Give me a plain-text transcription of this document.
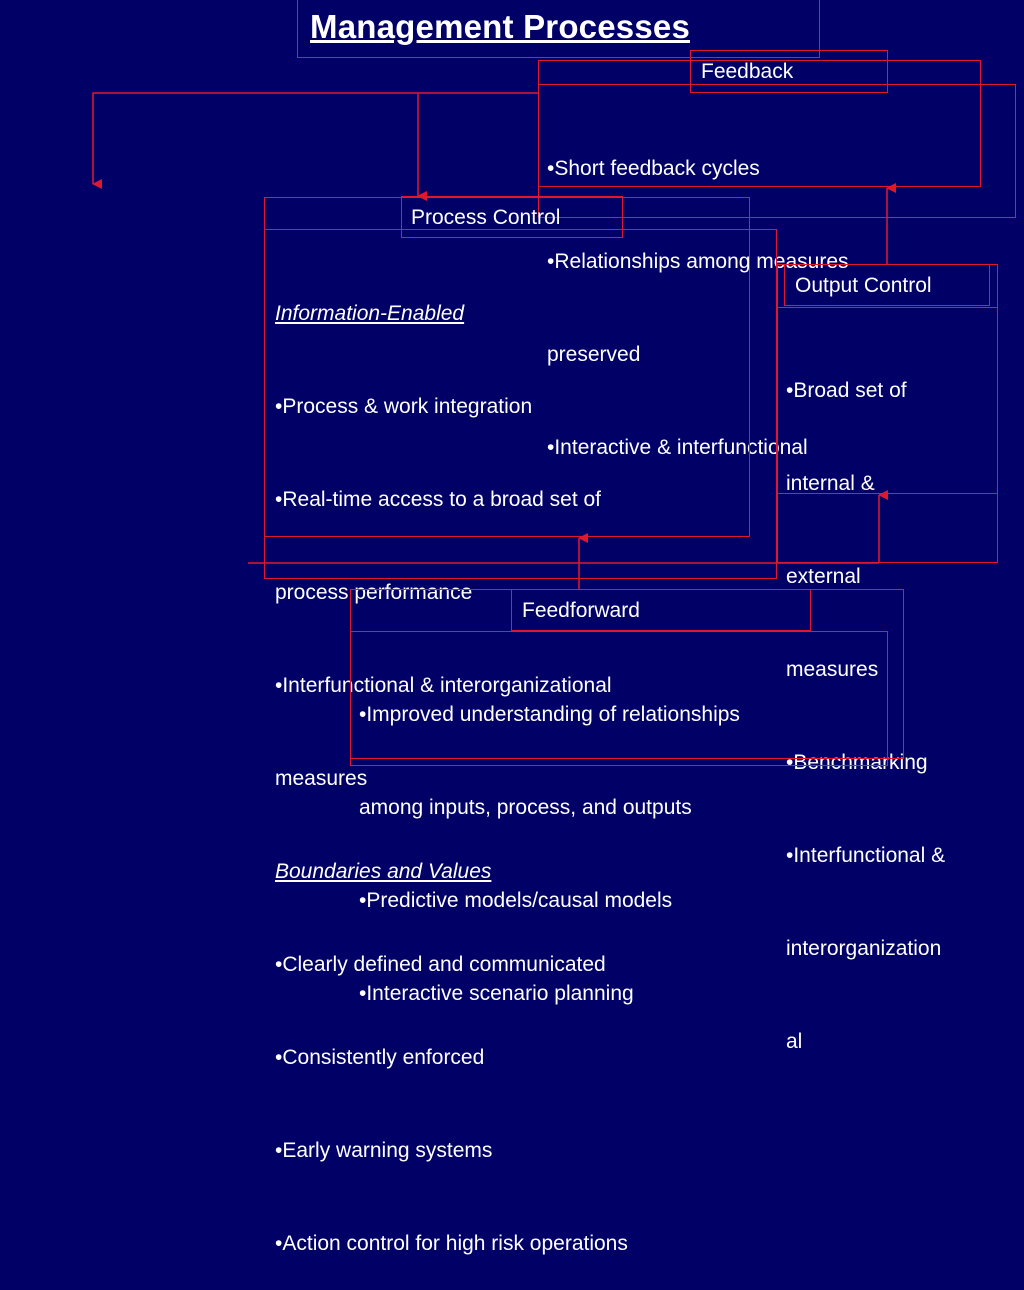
Management Processes
Feedback

•Short feedback cycles

•Relationships among measures

preserved

•Interactive & interfunctional

Process Control

Information-Enabled

•Process & work integration

•Real-time access to a broad set of

process performance

•Interfunctional & interorganizational

measures

Boundaries and Values

•Clearly defined and communicated

•Consistently enforced

•Early warning systems

•Action control for high risk operations

Output Control

•Broad set of

internal &

external

measures

•Benchmarking

•Interfunctional &

interorganization

al

Feedforward

•Improved understanding of relationships

among inputs, process, and outputs

•Predictive models/causal models

•Interactive scenario planning
